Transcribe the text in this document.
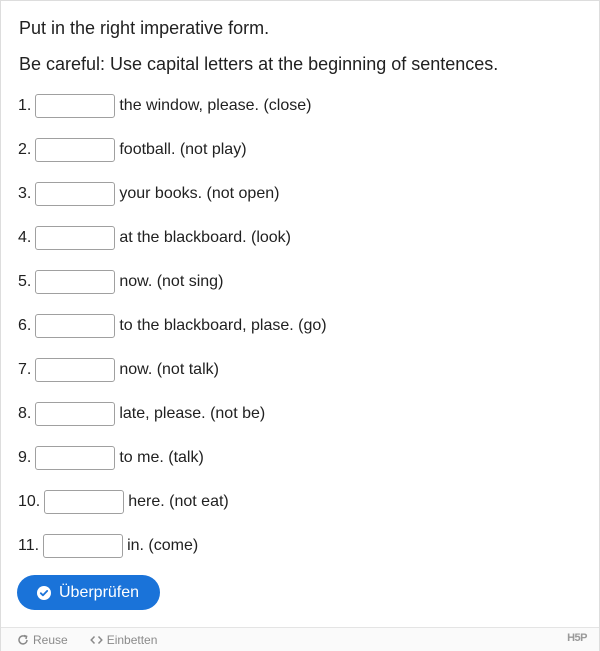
Put in the right imperative form.

Be careful: Use capital letters at the beginning of sentences.

1.	the window, please. (close)
2.	football. (not play)
3.	your books. (not open)
4.	at the blackboard. (look)
5.	now. (not sing)
6.	to the blackboard, plase. (go)
7.	now. (not talk)
8.	late, please. (not be)
9.	to me. (talk)
10.	here. (not eat)
11.	in. (come)
Überprüfen
Reuse	Einbetten	H5P
